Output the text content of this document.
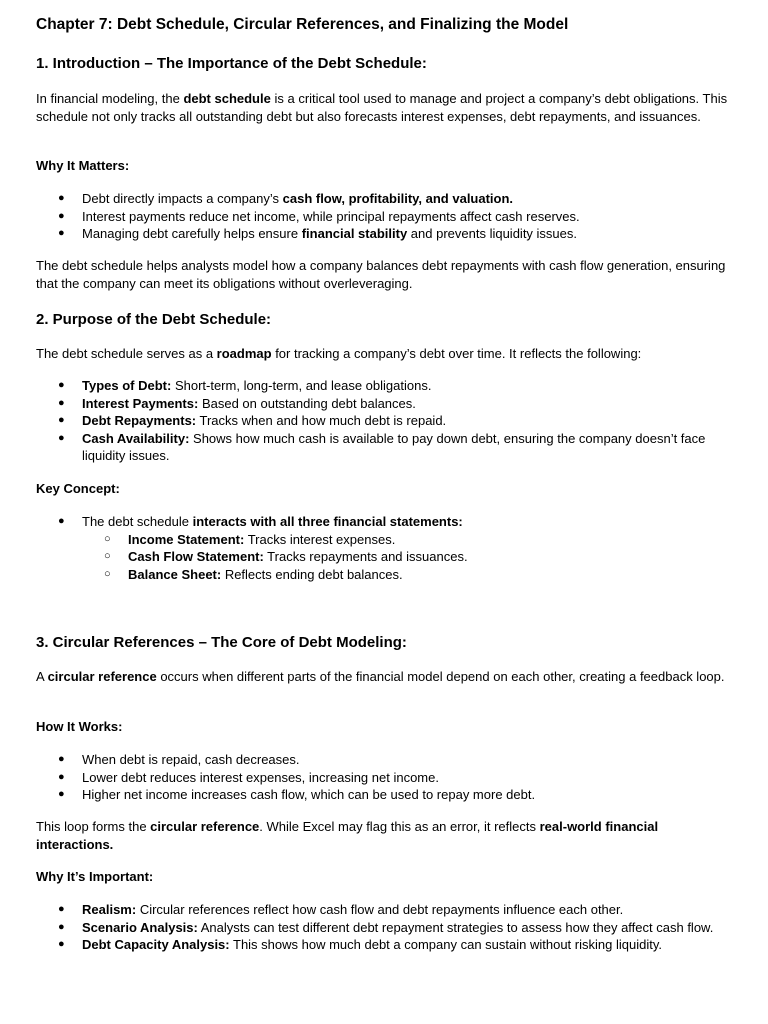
Chapter 7: Debt Schedule, Circular References, and Finalizing the Model
1. Introduction – The Importance of the Debt Schedule:
In financial modeling, the debt schedule is a critical tool used to manage and project a company’s debt obligations. This schedule not only tracks all outstanding debt but also forecasts interest expenses, debt repayments, and issuances.
Why It Matters:
● Debt directly impacts a company’s cash flow, profitability, and valuation.
● Interest payments reduce net income, while principal repayments affect cash reserves.
● Managing debt carefully helps ensure financial stability and prevents liquidity issues.
The debt schedule helps analysts model how a company balances debt repayments with cash flow generation, ensuring that the company can meet its obligations without overleveraging.
2. Purpose of the Debt Schedule:
The debt schedule serves as a roadmap for tracking a company’s debt over time. It reflects the following:
● Types of Debt: Short-term, long-term, and lease obligations.
● Interest Payments: Based on outstanding debt balances.
● Debt Repayments: Tracks when and how much debt is repaid.
● Cash Availability: Shows how much cash is available to pay down debt, ensuring the company doesn’t face liquidity issues.
Key Concept:
● The debt schedule interacts with all three financial statements:
○ Income Statement: Tracks interest expenses.
○ Cash Flow Statement: Tracks repayments and issuances.
○ Balance Sheet: Reflects ending debt balances.
3. Circular References – The Core of Debt Modeling:
A circular reference occurs when different parts of the financial model depend on each other, creating a feedback loop.
How It Works:
● When debt is repaid, cash decreases.
● Lower debt reduces interest expenses, increasing net income.
● Higher net income increases cash flow, which can be used to repay more debt.
This loop forms the circular reference. While Excel may flag this as an error, it reflects real-world financial interactions.
Why It’s Important:
● Realism: Circular references reflect how cash flow and debt repayments influence each other.
● Scenario Analysis: Analysts can test different debt repayment strategies to assess how they affect cash flow.
● Debt Capacity Analysis: This shows how much debt a company can sustain without risking liquidity.
